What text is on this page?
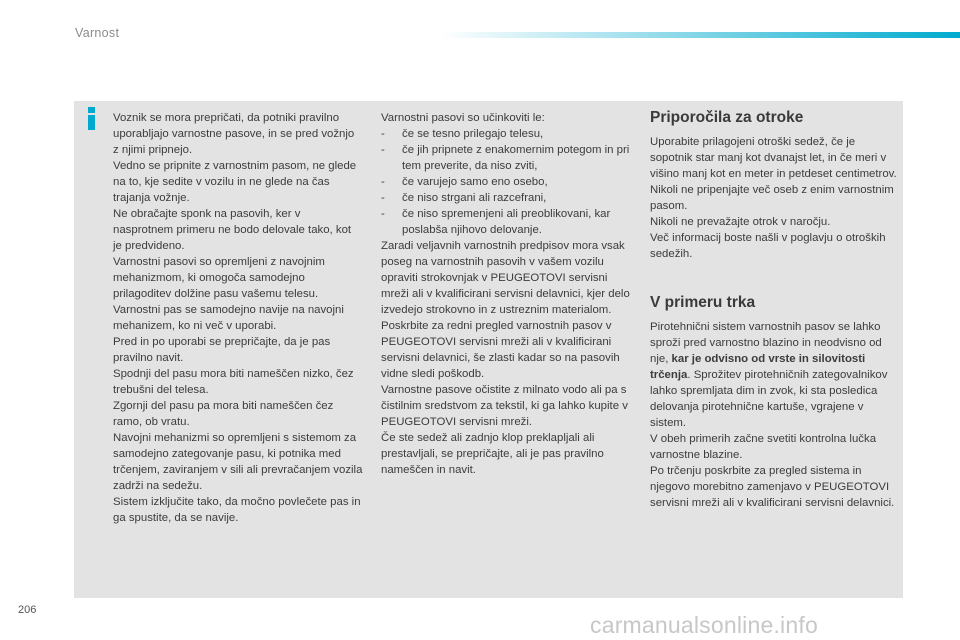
Varnost

Voznik se mora prepričati, da potniki pravilno uporabljajo varnostne pasove, in se pred vožnjo z njimi pripnejo.

Vedno se pripnite z varnostnim pasom, ne glede na to, kje sedite v vozilu in ne glede na čas trajanja vožnje.

Ne obračajte sponk na pasovih, ker v nasprotnem primeru ne bodo delovale tako, kot je predvideno.

Varnostni pasovi so opremljeni z navojnim mehanizmom, ki omogoča samodejno prilagoditev dolžine pasu vašemu telesu.

Varnostni pas se samodejno navije na navojni mehanizem, ko ni več v uporabi.

Pred in po uporabi se prepričajte, da je pas pravilno navit.

Spodnji del pasu mora biti nameščen nizko, čez trebušni del telesa.

Zgornji del pasu pa mora biti nameščen čez ramo, ob vratu.

Navojni mehanizmi so opremljeni s sistemom za samodejno zategovanje pasu, ki potnika med trčenjem, zaviranjem v sili ali prevračanjem vozila zadrži na sedežu.

Sistem izključite tako, da močno povlečete pas in ga spustite, da se navije.

Varnostni pasovi so učinkoviti le:

-	če se tesno prilegajo telesu,
-	če jih pripnete z enakomernim potegom in pri tem preverite, da niso zviti,
-	če varujejo samo eno osebo,
-	če niso strgani ali razcefrani,
-	če niso spremenjeni ali preoblikovani, kar poslabša njihovo delovanje.

Zaradi veljavnih varnostnih predpisov mora vsak poseg na varnostnih pasovih v vašem vozilu opraviti strokovnjak v PEUGEOTOVI servisni mreži ali v kvalificirani servisni delavnici, kjer delo izvedejo strokovno in z ustreznim materialom.

Poskrbite za redni pregled varnostnih pasov v PEUGEOTOVI servisni mreži ali v kvalificirani servisni delavnici, še zlasti kadar so na pasovih vidne sledi poškodb.

Varnostne pasove očistite z milnato vodo ali pa s čistilnim sredstvom za tekstil, ki ga lahko kupite v PEUGEOTOVI servisni mreži.

Če ste sedež ali zadnjo klop preklapljali ali prestavljali, se prepričajte, ali je pas pravilno nameščen in navit.

Priporočila za otroke

Uporabite prilagojeni otroški sedež, če je sopotnik star manj kot dvanajst let, in če meri v višino manj kot en meter in petdeset centimetrov.

Nikoli ne pripenjajte več oseb z enim varnostnim pasom.

Nikoli ne prevažajte otrok v naročju.

Več informacij boste našli v poglavju o otroških sedežih.

V primeru trka

Pirotehnični sistem varnostnih pasov se lahko sproži pred varnostno blazino in neodvisno od nje, kar je odvisno od vrste in silovitosti trčenja. Sprožitev pirotehničnih zategovalnikov lahko spremljata dim in zvok, ki sta posledica delovanja pirotehnične kartuše, vgrajene v sistem.

V obeh primerih začne svetiti kontrolna lučka varnostne blazine.

Po trčenju poskrbite za pregled sistema in njegovo morebitno zamenjavo v PEUGEOTOVI servisni mreži ali v kvalificirani servisni delavnici.

206
carmanualsonline.info
